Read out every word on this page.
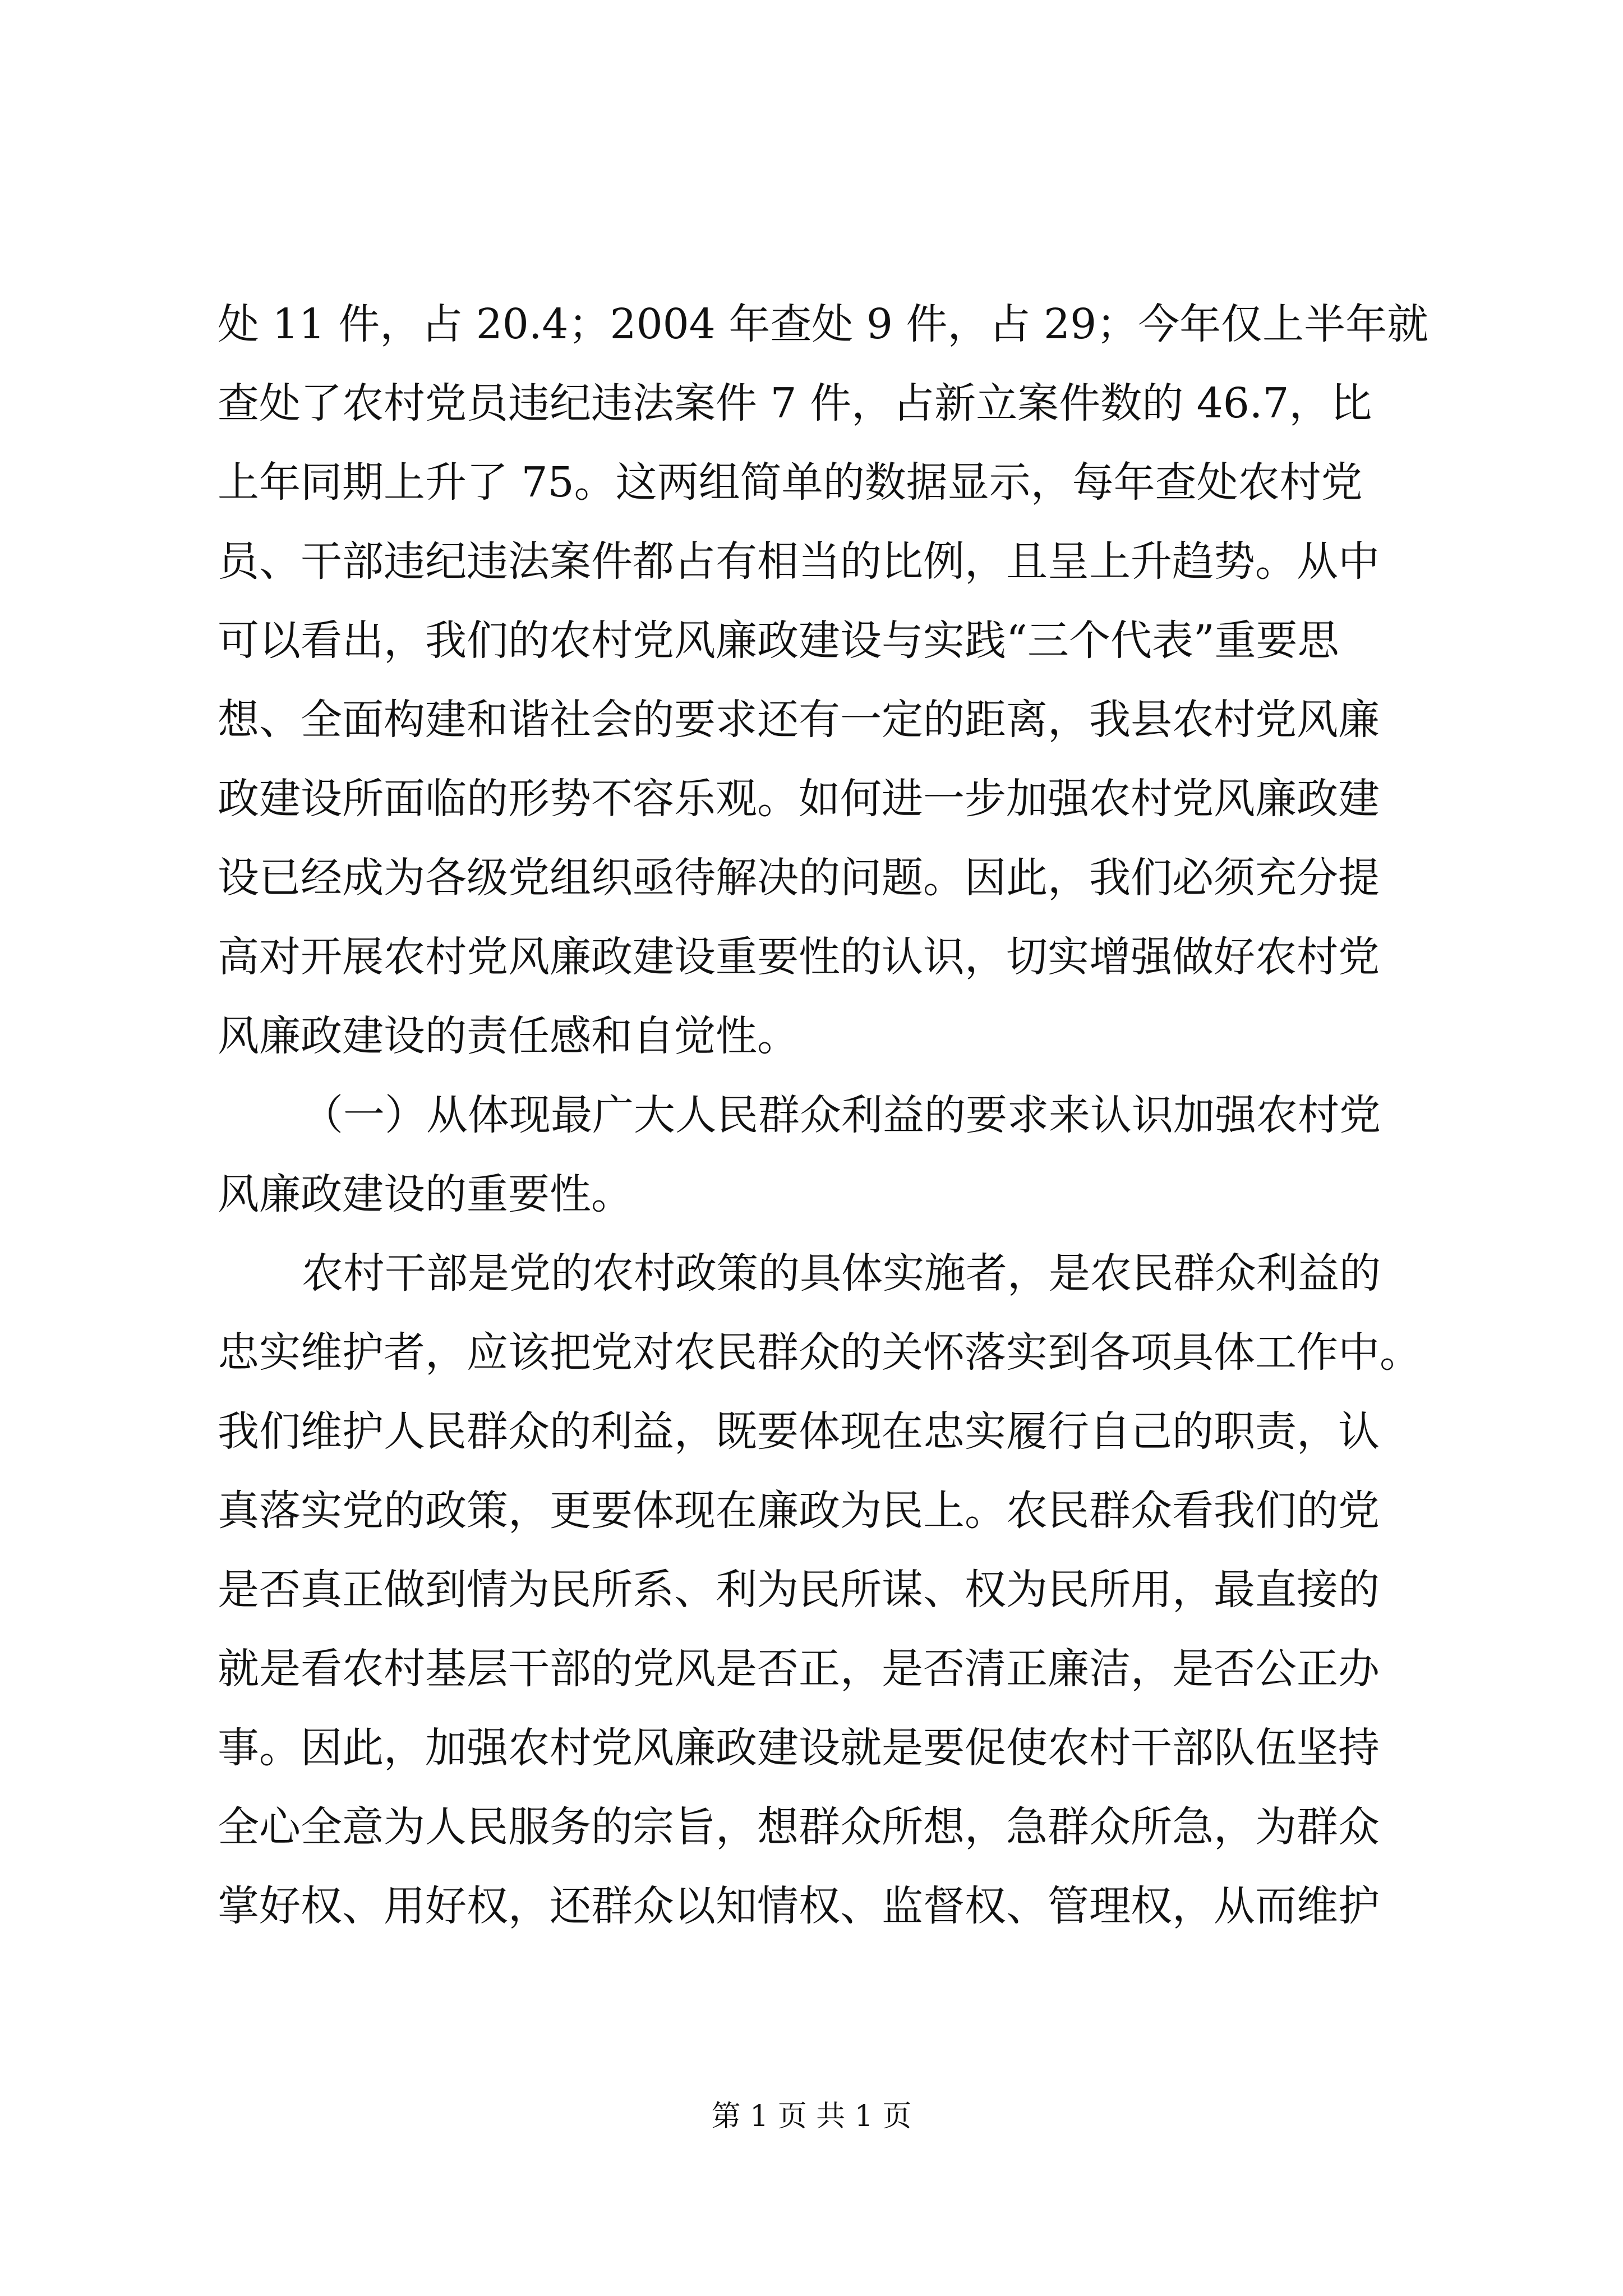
处 11 件，占 20.4；2004 年查处 9 件，占 29；今年仅上半年就
查处了农村党员违纪违法案件 7 件，占新立案件数的 46.7，比
上年同期上升了 75。这两组简单的数据显示，每年查处农村党
员、干部违纪违法案件都占有相当的比例，且呈上升趋势。从中
可以看出，我们的农村党风廉政建设与实践“三个代表”重要思
想、全面构建和谐社会的要求还有一定的距离，我县农村党风廉
政建设所面临的形势不容乐观。如何进一步加强农村党风廉政建
设已经成为各级党组织亟待解决的问题。因此，我们必须充分提
高对开展农村党风廉政建设重要性的认识，切实增强做好农村党
风廉政建设的责任感和自觉性。
（一）从体现最广大人民群众利益的要求来认识加强农村党
风廉政建设的重要性。
农村干部是党的农村政策的具体实施者，是农民群众利益的
忠实维护者，应该把党对农民群众的关怀落实到各项具体工作中。
我们维护人民群众的利益，既要体现在忠实履行自己的职责，认
真落实党的政策，更要体现在廉政为民上。农民群众看我们的党
是否真正做到情为民所系、利为民所谋、权为民所用，最直接的
就是看农村基层干部的党风是否正，是否清正廉洁，是否公正办
事。因此，加强农村党风廉政建设就是要促使农村干部队伍坚持
全心全意为人民服务的宗旨，想群众所想，急群众所急，为群众
掌好权、用好权，还群众以知情权、监督权、管理权，从而维护
第 1 页 共 1 页
